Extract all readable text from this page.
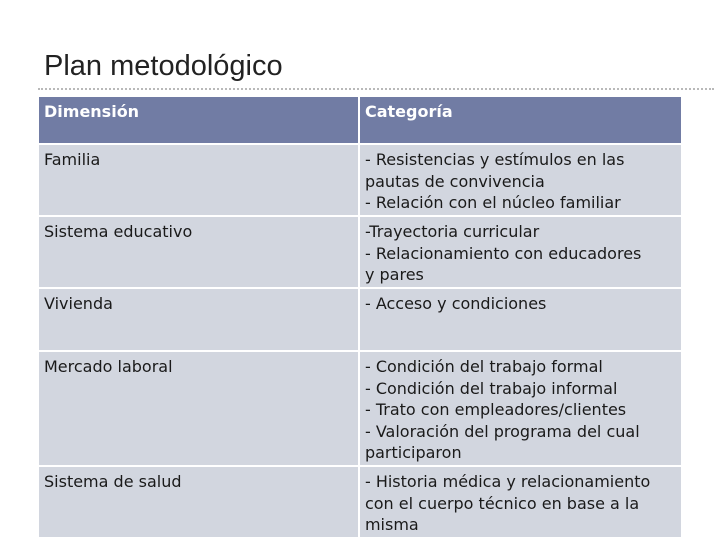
Plan metodológico
Dimensión	Categoría
Familia	- Resistencias y estímulos en las
pautas de convivencia
- Relación con el núcleo familiar
Sistema educativo	-Trayectoria curricular
- Relacionamiento con educadores
y pares
Vivienda	- Acceso y condiciones
Mercado laboral	- Condición del trabajo formal
- Condición del trabajo informal
- Trato con empleadores/clientes
- Valoración del programa del cual
participaron
Sistema de salud	- Historia médica y relacionamiento
con el cuerpo técnico en base a la
misma
